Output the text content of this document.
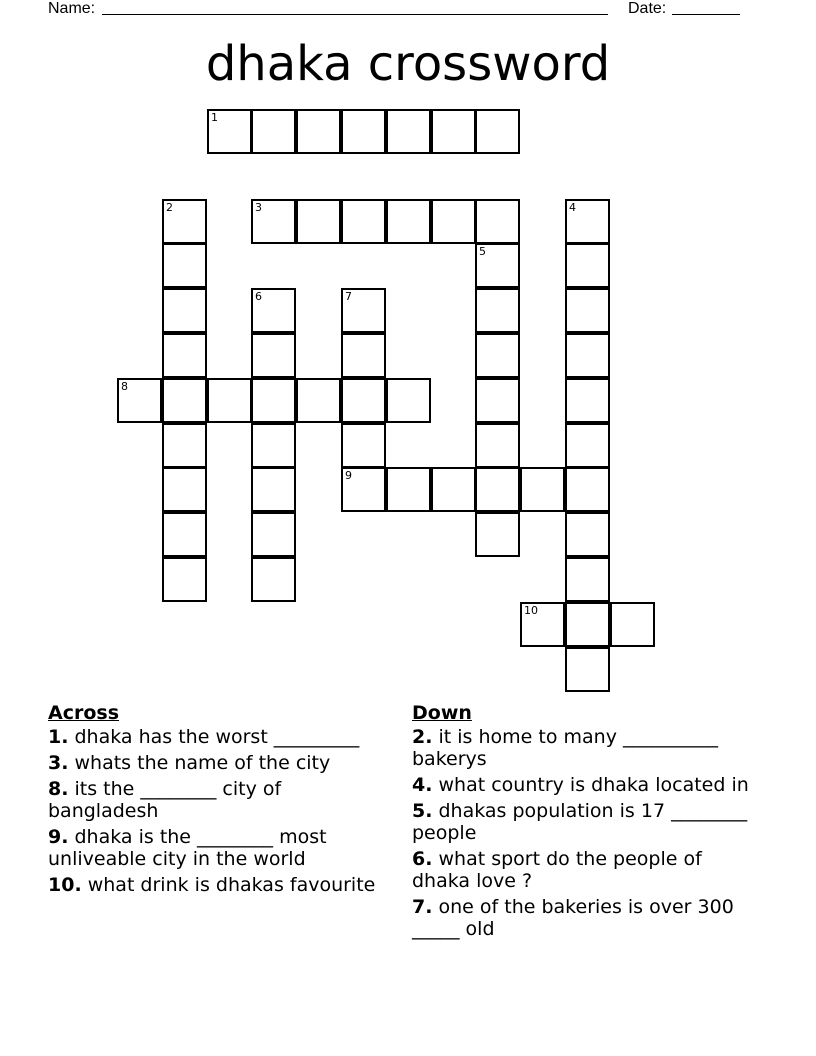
Name:	Date:
dhaka crossword
1
2	3	4
5
6	7
8
9
10
Across
1. dhaka has the worst _________
3. whats the name of the city
8. its the ________ city of bangladesh
9. dhaka is the ________ most unliveable city in the world
10. what drink is dhakas favourite
Down
2. it is home to many __________ bakerys
4. what country is dhaka located in
5. dhakas population is 17 ________ people
6. what sport do the people of dhaka love ?
7. one of the bakeries is over 300 _____ old
